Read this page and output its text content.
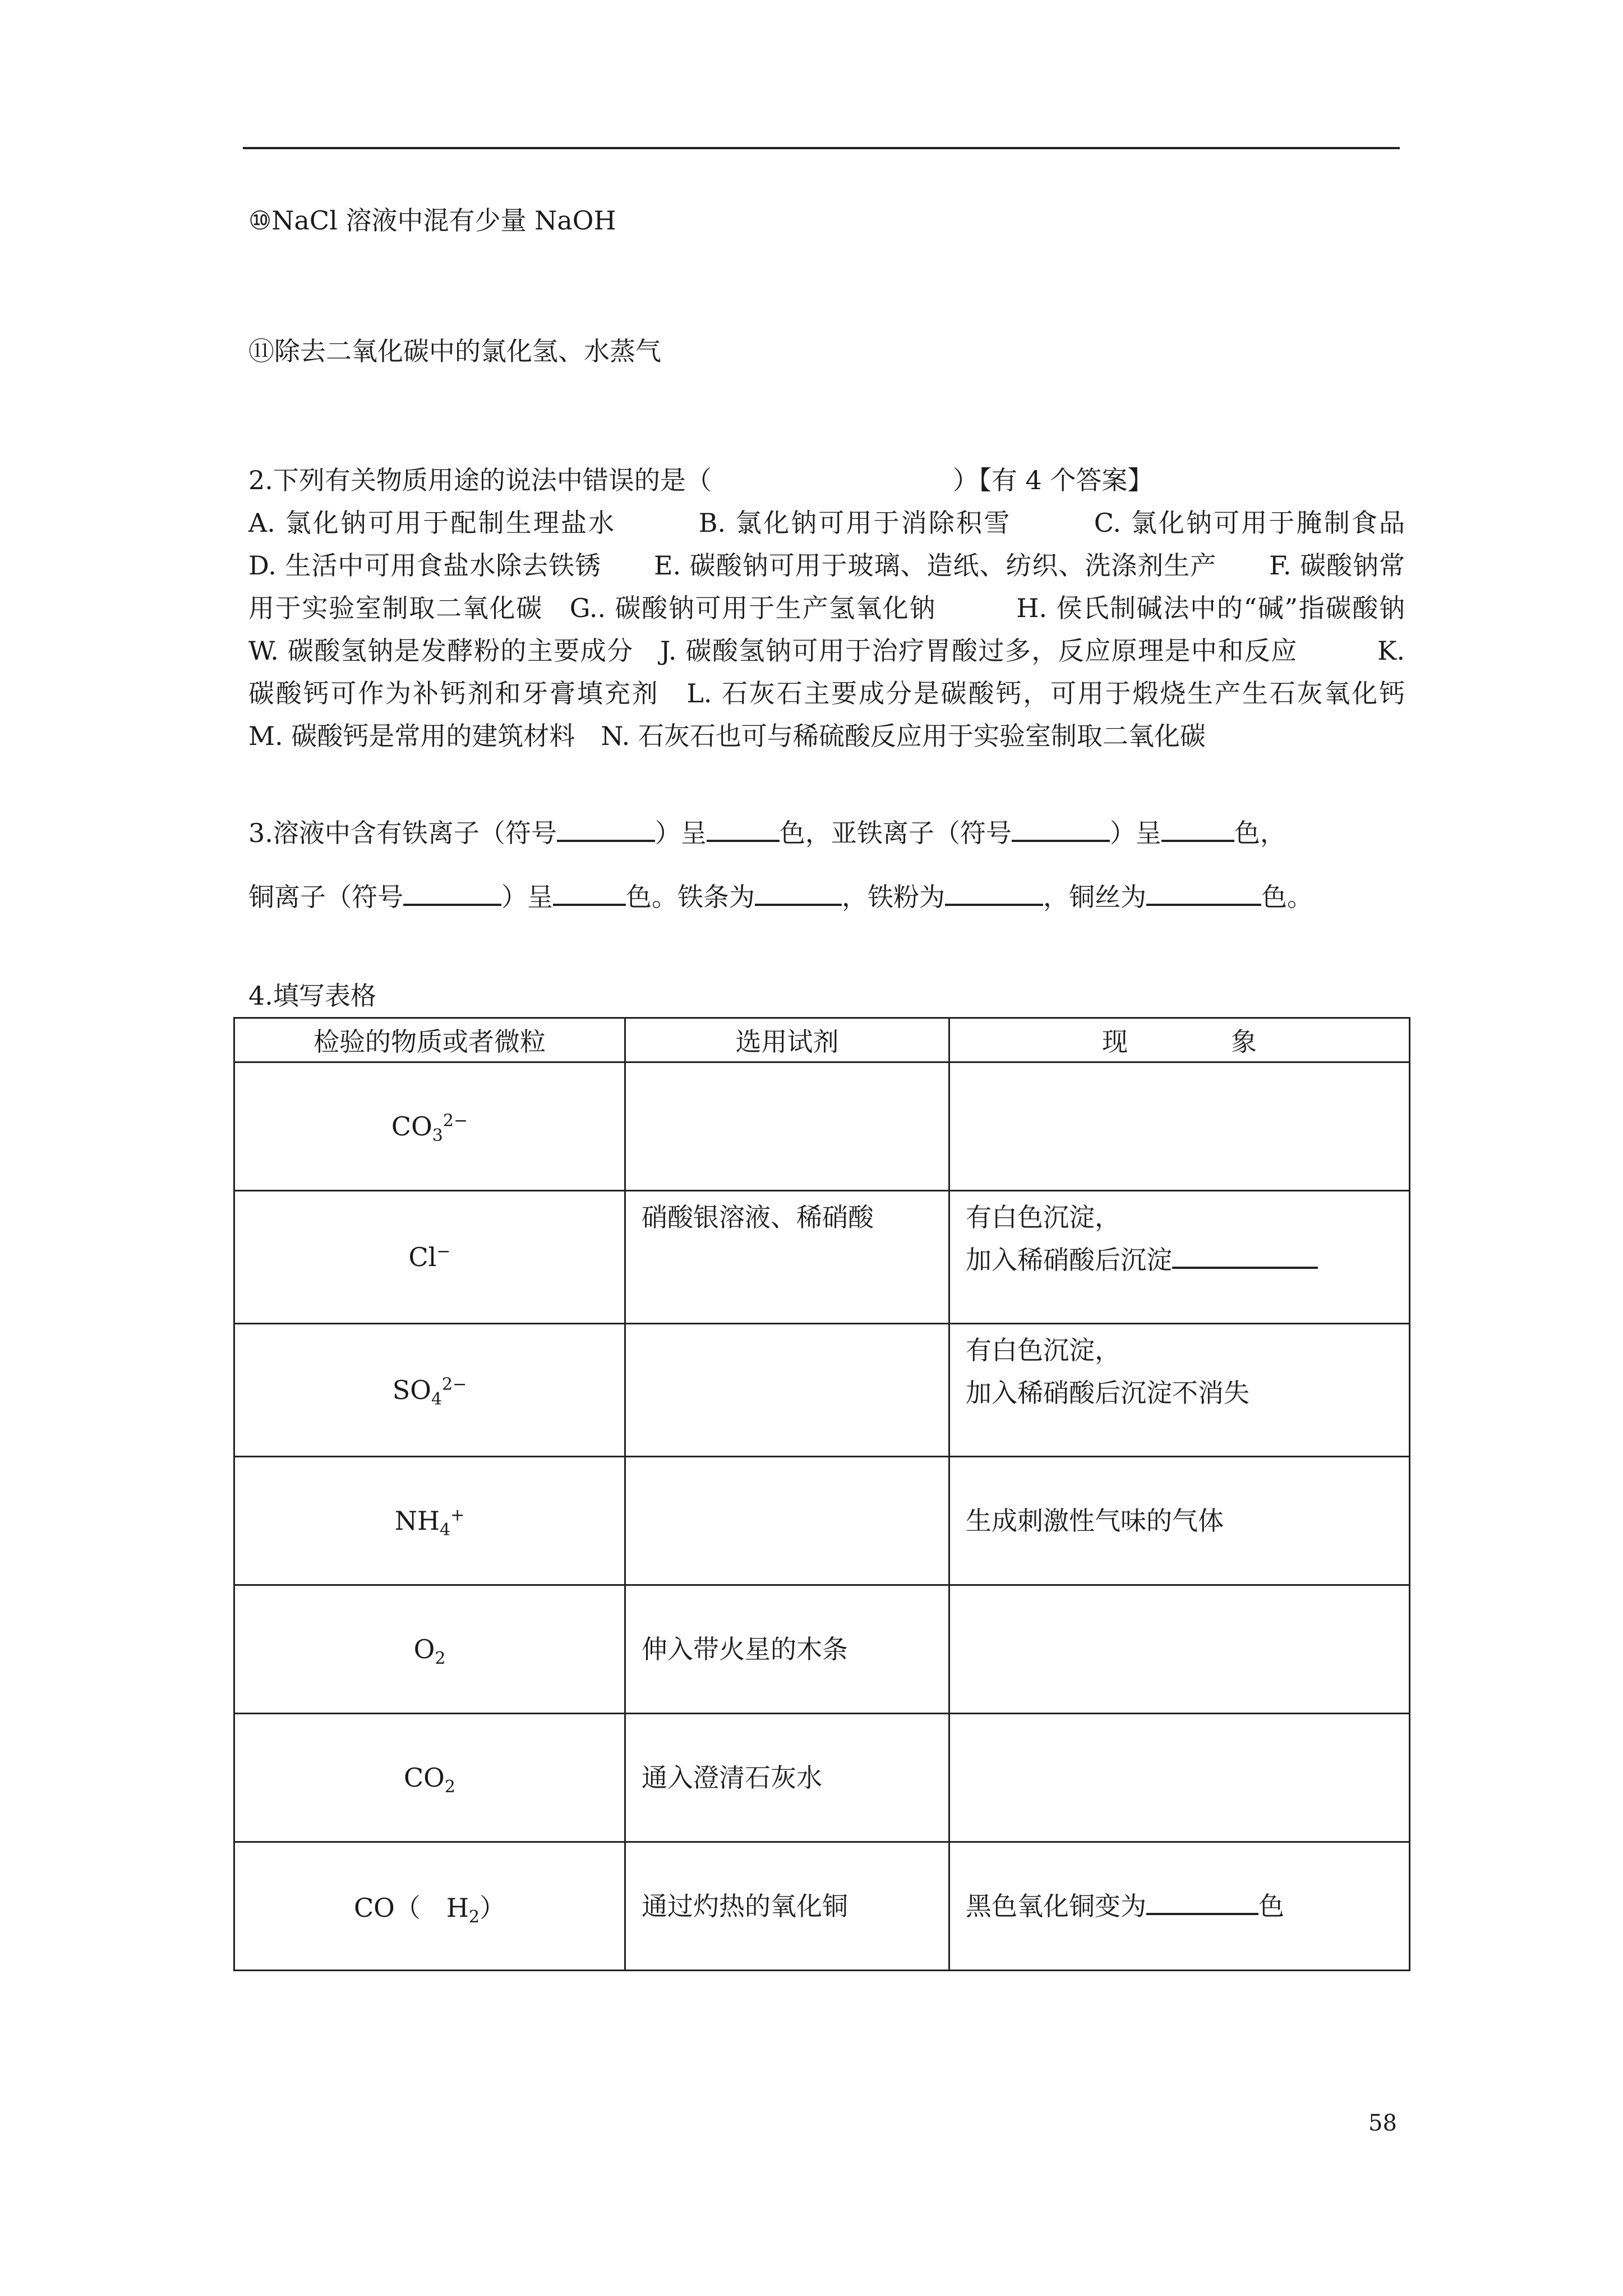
⑩NaCl 溶液中混有少量 NaOH
⑪除去二氧化碳中的氯化氢、水蒸气
2.下列有关物质用途的说法中错误的是（	）【有 4 个答案】
A. 氯化钠可用于配制生理盐水　　　B. 氯化钠可用于消除积雪　　　C. 氯化钠可用于腌制食品　　D. 生活中可用食盐水除去铁锈　　E. 碳酸钠可用于玻璃、造纸、纺织、洗涤剂生产　　F. 碳酸钠常用于实验室制取二氧化碳　G.. 碳酸钠可用于生产氢氧化钠　　　H. 侯氏制碱法中的“碱”指碳酸钠　　W. 碳酸氢钠是发酵粉的主要成分　J. 碳酸氢钠可用于治疗胃酸过多，反应原理是中和反应　　　K. 碳酸钙可作为补钙剂和牙膏填充剂　L. 石灰石主要成分是碳酸钙，可用于煅烧生产生石灰氧化钙　　　M. 碳酸钙是常用的建筑材料　N. 石灰石也可与稀硫酸反应用于实验室制取二氧化碳
3.溶液中含有铁离子（符号	）呈	色，亚铁离子（符号	）呈	色，
铜离子（符号	）呈	色。铁条为	，铁粉为	，铜丝为	色。
4.填写表格
检验的物质或者微粒	选用试剂	现　　　　象
$CO_3^{2-}$		
Cl−	硝酸银溶液、稀硝酸	有白色沉淀，
加入稀硝酸后沉淀

$SO_4^{2-}$		有白色沉淀，
加入稀硝酸后沉淀不消失

$NH_4^+$		生成刺激性气味的气体
$O_2$	伸入带火星的木条	
$CO_2$	通入澄清石灰水	
CO（　$H_2$）	通过灼热的氧化铜	黑色氧化铜变为 色
58
